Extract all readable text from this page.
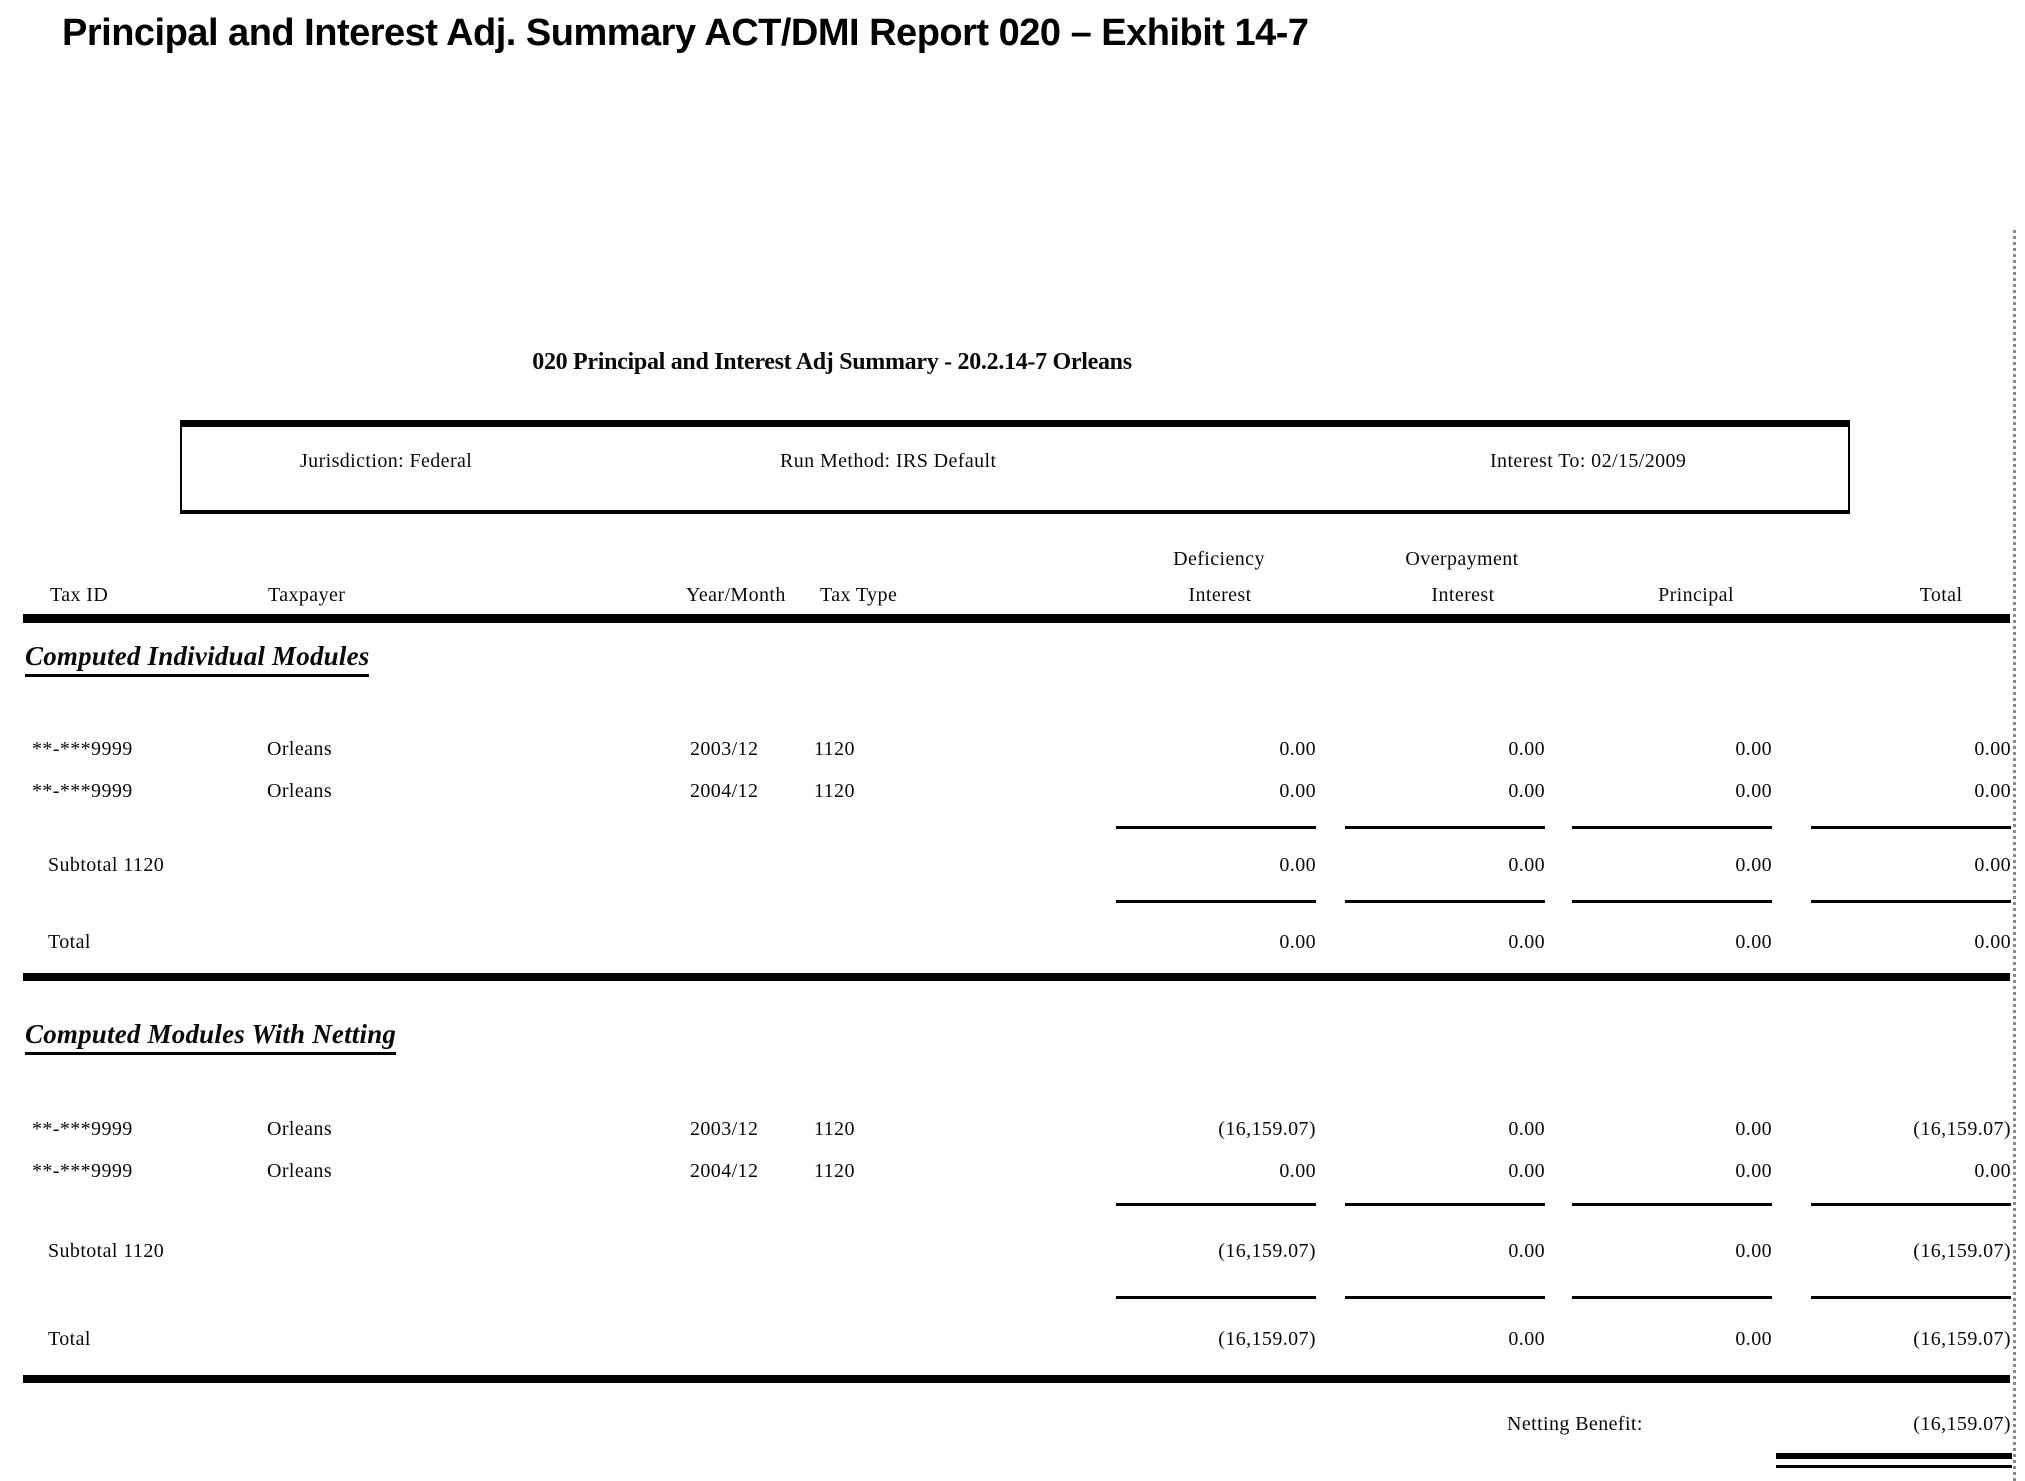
Principal and Interest Adj. Summary ACT/DMI Report 020 – Exhibit 14-7
020 Principal and Interest Adj Summary - 20.2.14-7 Orleans
Jurisdiction: Federal	Run Method: IRS Default	Interest To: 02/15/2009
Deficiency	Overpayment
Tax ID	Taxpayer	Year/Month Tax Type	Interest	Interest	Principal	Total
Computed Individual Modules
**-***9999	Orleans	2003/12	1120	0.00	0.00	0.00	0.00
**-***9999	Orleans	2004/12	1120	0.00	0.00	0.00	0.00
Subtotal 1120	0.00	0.00	0.00	0.00
Total	0.00	0.00	0.00	0.00
Computed Modules With Netting
**-***9999	Orleans	2003/12	1120	(16,159.07)	0.00	0.00	(16,159.07)
**-***9999	Orleans	2004/12	1120	0.00	0.00	0.00	0.00
Subtotal 1120	(16,159.07)	0.00	0.00	(16,159.07)
Total	(16,159.07)	0.00	0.00	(16,159.07)
Netting Benefit:	(16,159.07)
